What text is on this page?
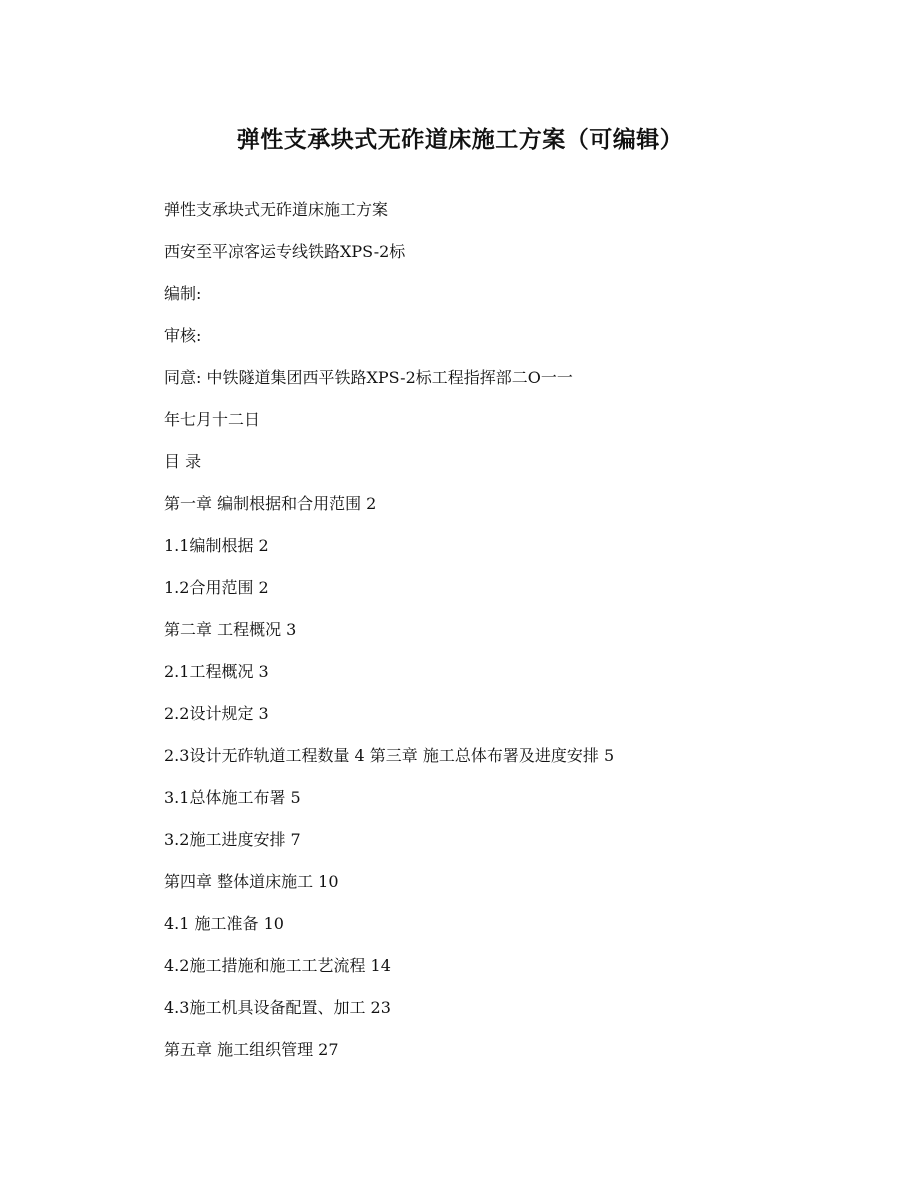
弹性支承块式无砟道床施工方案（可编辑）
弹性支承块式无砟道床施工方案
西安至平凉客运专线铁路XPS-2标
编制:
审核:
同意: 中铁隧道集团西平铁路XPS-2标工程指挥部二O一一
年七月十二日
目 录
第一章 编制根据和合用范围 2
1.1编制根据 2
1.2合用范围 2
第二章 工程概况 3
2.1工程概况 3
2.2设计规定 3
2.3设计无砟轨道工程数量 4 第三章 施工总体布署及进度安排 5
3.1总体施工布署 5
3.2施工进度安排 7
第四章 整体道床施工 10
4.1 施工准备 10
4.2施工措施和施工工艺流程 14
4.3施工机具设备配置、加工 23
第五章 施工组织管理 27
